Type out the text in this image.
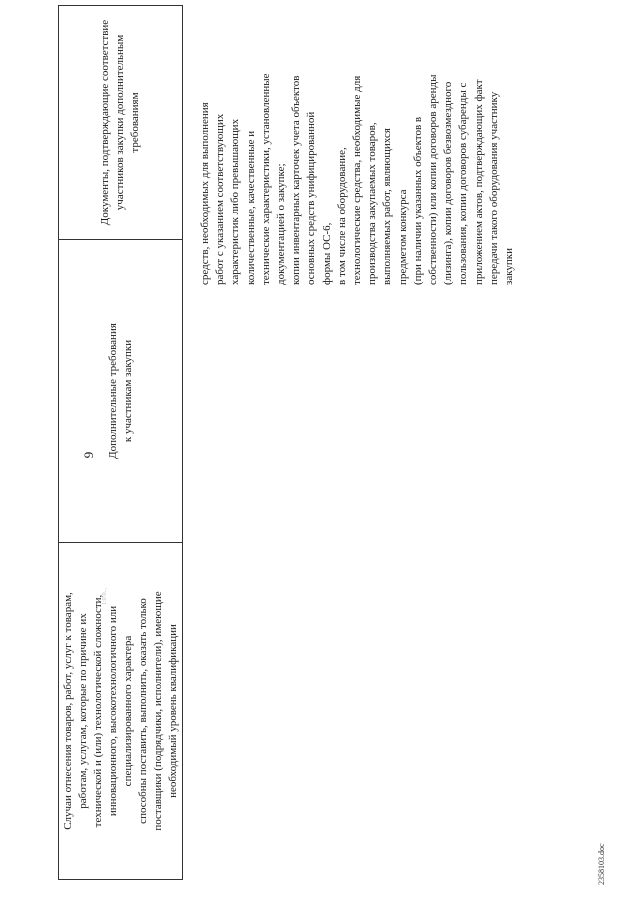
9
Случаи отнесения товаров, работ, услуг к товарам, работам, услугам, которые по причине их технической и (или) технологической сложности, инновационного, высокотехнологичного или специализированного характера способны поставить, выполнить, оказать только поставщики (подрядчики, исполнители), имеющие необходимый уровень квалификации
Дополнительные требования к участникам закупки
Документы, подтверждающие соответствие участников закупки дополнительным требованиям	средств, необходимых для выполнения работ с указанием соответствующих характеристик либо превышающих количественные, качественные и технические характеристики, установленные документацией о закупке; копии инвентарных карточек учета объектов основных средств унифицированной формы ОС-6, в том числе на оборудование, технологические средства, необходимые для производства закупаемых товаров, выполняемых работ, являющихся предметом конкурса (при наличии указанных объектов в собственности) или копии договоров аренды (лизинга), копии договоров безвозмездного пользования, копии договоров субаренды с приложением актов, подтверждающих факт передачи такого оборудования участнику закупки
1:0·0..,
2358103.doc
